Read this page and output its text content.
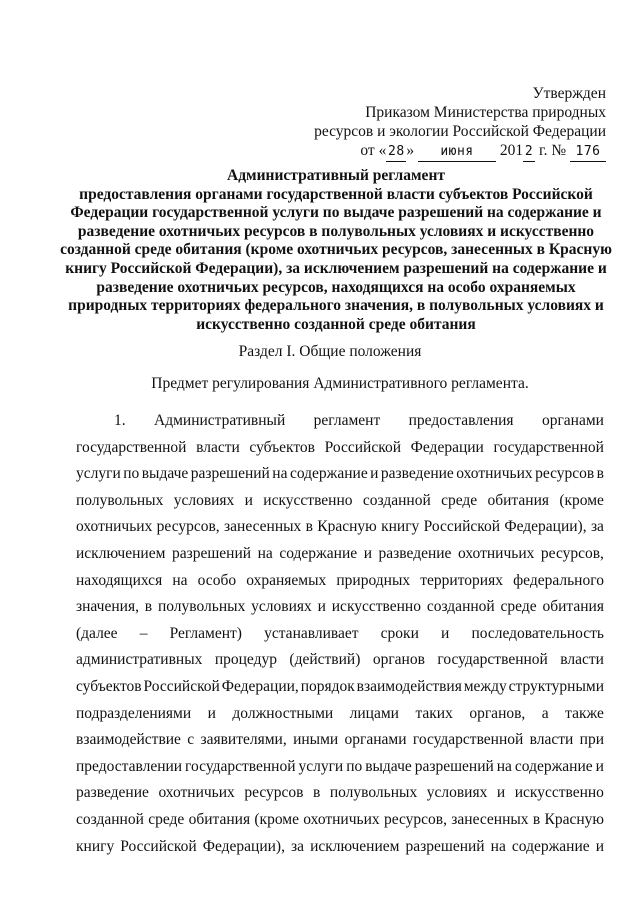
Утвержден
Приказом Министерства природных
ресурсов и экологии Российской Федерации
от « 28 » июня 201 2 г. № 176
Административный регламент
предоставления органами государственной власти субъектов Российской Федерации государственной услуги по выдаче разрешений на содержание и разведение охотничьих ресурсов в полувольных условиях и искусственно созданной среде обитания (кроме охотничьих ресурсов, занесенных в Красную книгу Российской Федерации), за исключением разрешений на содержание и разведение охотничьих ресурсов, находящихся на особо охраняемых природных территориях федерального значения, в полувольных условиях и искусственно созданной среде обитания
Раздел I. Общие положения
Предмет регулирования Административного регламента.
1. Административный регламент предоставления органами
государственной власти субъектов Российской Федерации государственной
услуги по выдаче разрешений на содержание и разведение охотничьих ресурсов в
полувольных условиях и искусственно созданной среде обитания (кроме
охотничьих ресурсов, занесенных в Красную книгу Российской Федерации), за
исключением разрешений на содержание и разведение охотничьих ресурсов,
находящихся на особо охраняемых природных территориях федерального
значения, в полувольных условиях и искусственно созданной среде обитания
(далее – Регламент) устанавливает сроки и последовательность
административных процедур (действий) органов государственной власти
субъектов Российской Федерации, порядок взаимодействия между структурными
подразделениями и должностными лицами таких органов, а также
взаимодействие с заявителями, иными органами государственной власти при
предоставлении государственной услуги по выдаче разрешений на содержание и
разведение охотничьих ресурсов в полувольных условиях и искусственно
созданной среде обитания (кроме охотничьих ресурсов, занесенных в Красную
книгу Российской Федерации), за исключением разрешений на содержание и
